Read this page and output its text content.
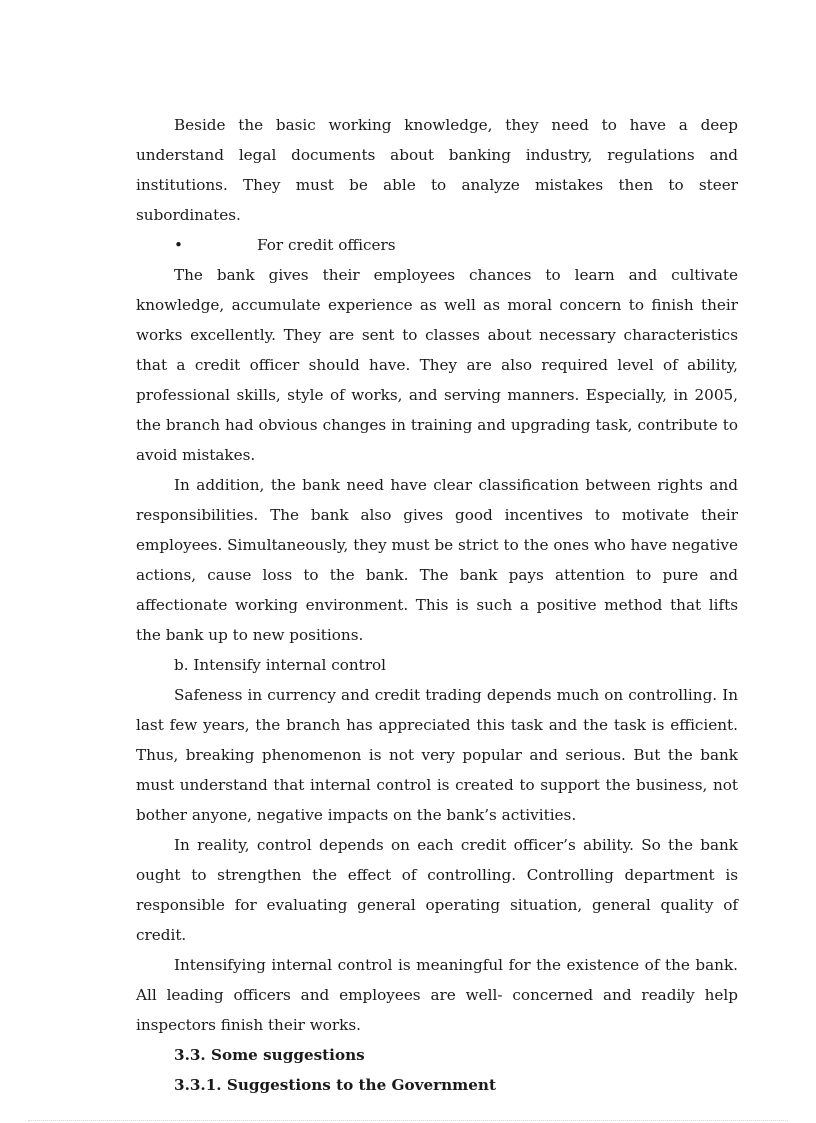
Beside the basic working knowledge, they need to have a deep understand legal documents about banking industry, regulations and institutions. They must be able to analyze mistakes then to steer subordinates.

•	For credit officers

The bank gives their employees chances to learn and cultivate knowledge, accumulate experience as well as moral concern to finish their works excellently. They are sent to classes about necessary characteristics that a credit officer should have. They are also required level of ability, professional skills, style of works, and serving manners. Especially, in 2005, the branch had obvious changes in training and upgrading task, contribute to avoid mistakes.

In addition, the bank need have clear classification between rights and responsibilities. The bank also gives good incentives to motivate their employees. Simultaneously, they must be strict to the ones who have negative actions, cause loss to the bank. The bank pays attention to pure and affectionate working environment. This is such a positive method that lifts the bank up to new positions.

b. Intensify internal control

Safeness in currency and credit trading depends much on controlling. In last few years, the branch has appreciated this task and the task is efficient. Thus, breaking phenomenon is not very popular and serious. But the bank must understand that internal control is created to support the business, not bother anyone, negative impacts on the bank’s activities.

In reality, control depends on each credit officer’s ability. So the bank ought to strengthen the effect of controlling. Controlling department is responsible for evaluating general operating situation, general quality of credit.

Intensifying internal control is meaningful for the existence of the bank. All leading officers and employees are well- concerned and readily help inspectors finish their works.

3.3. Some suggestions

3.3.1. Suggestions to the Government
